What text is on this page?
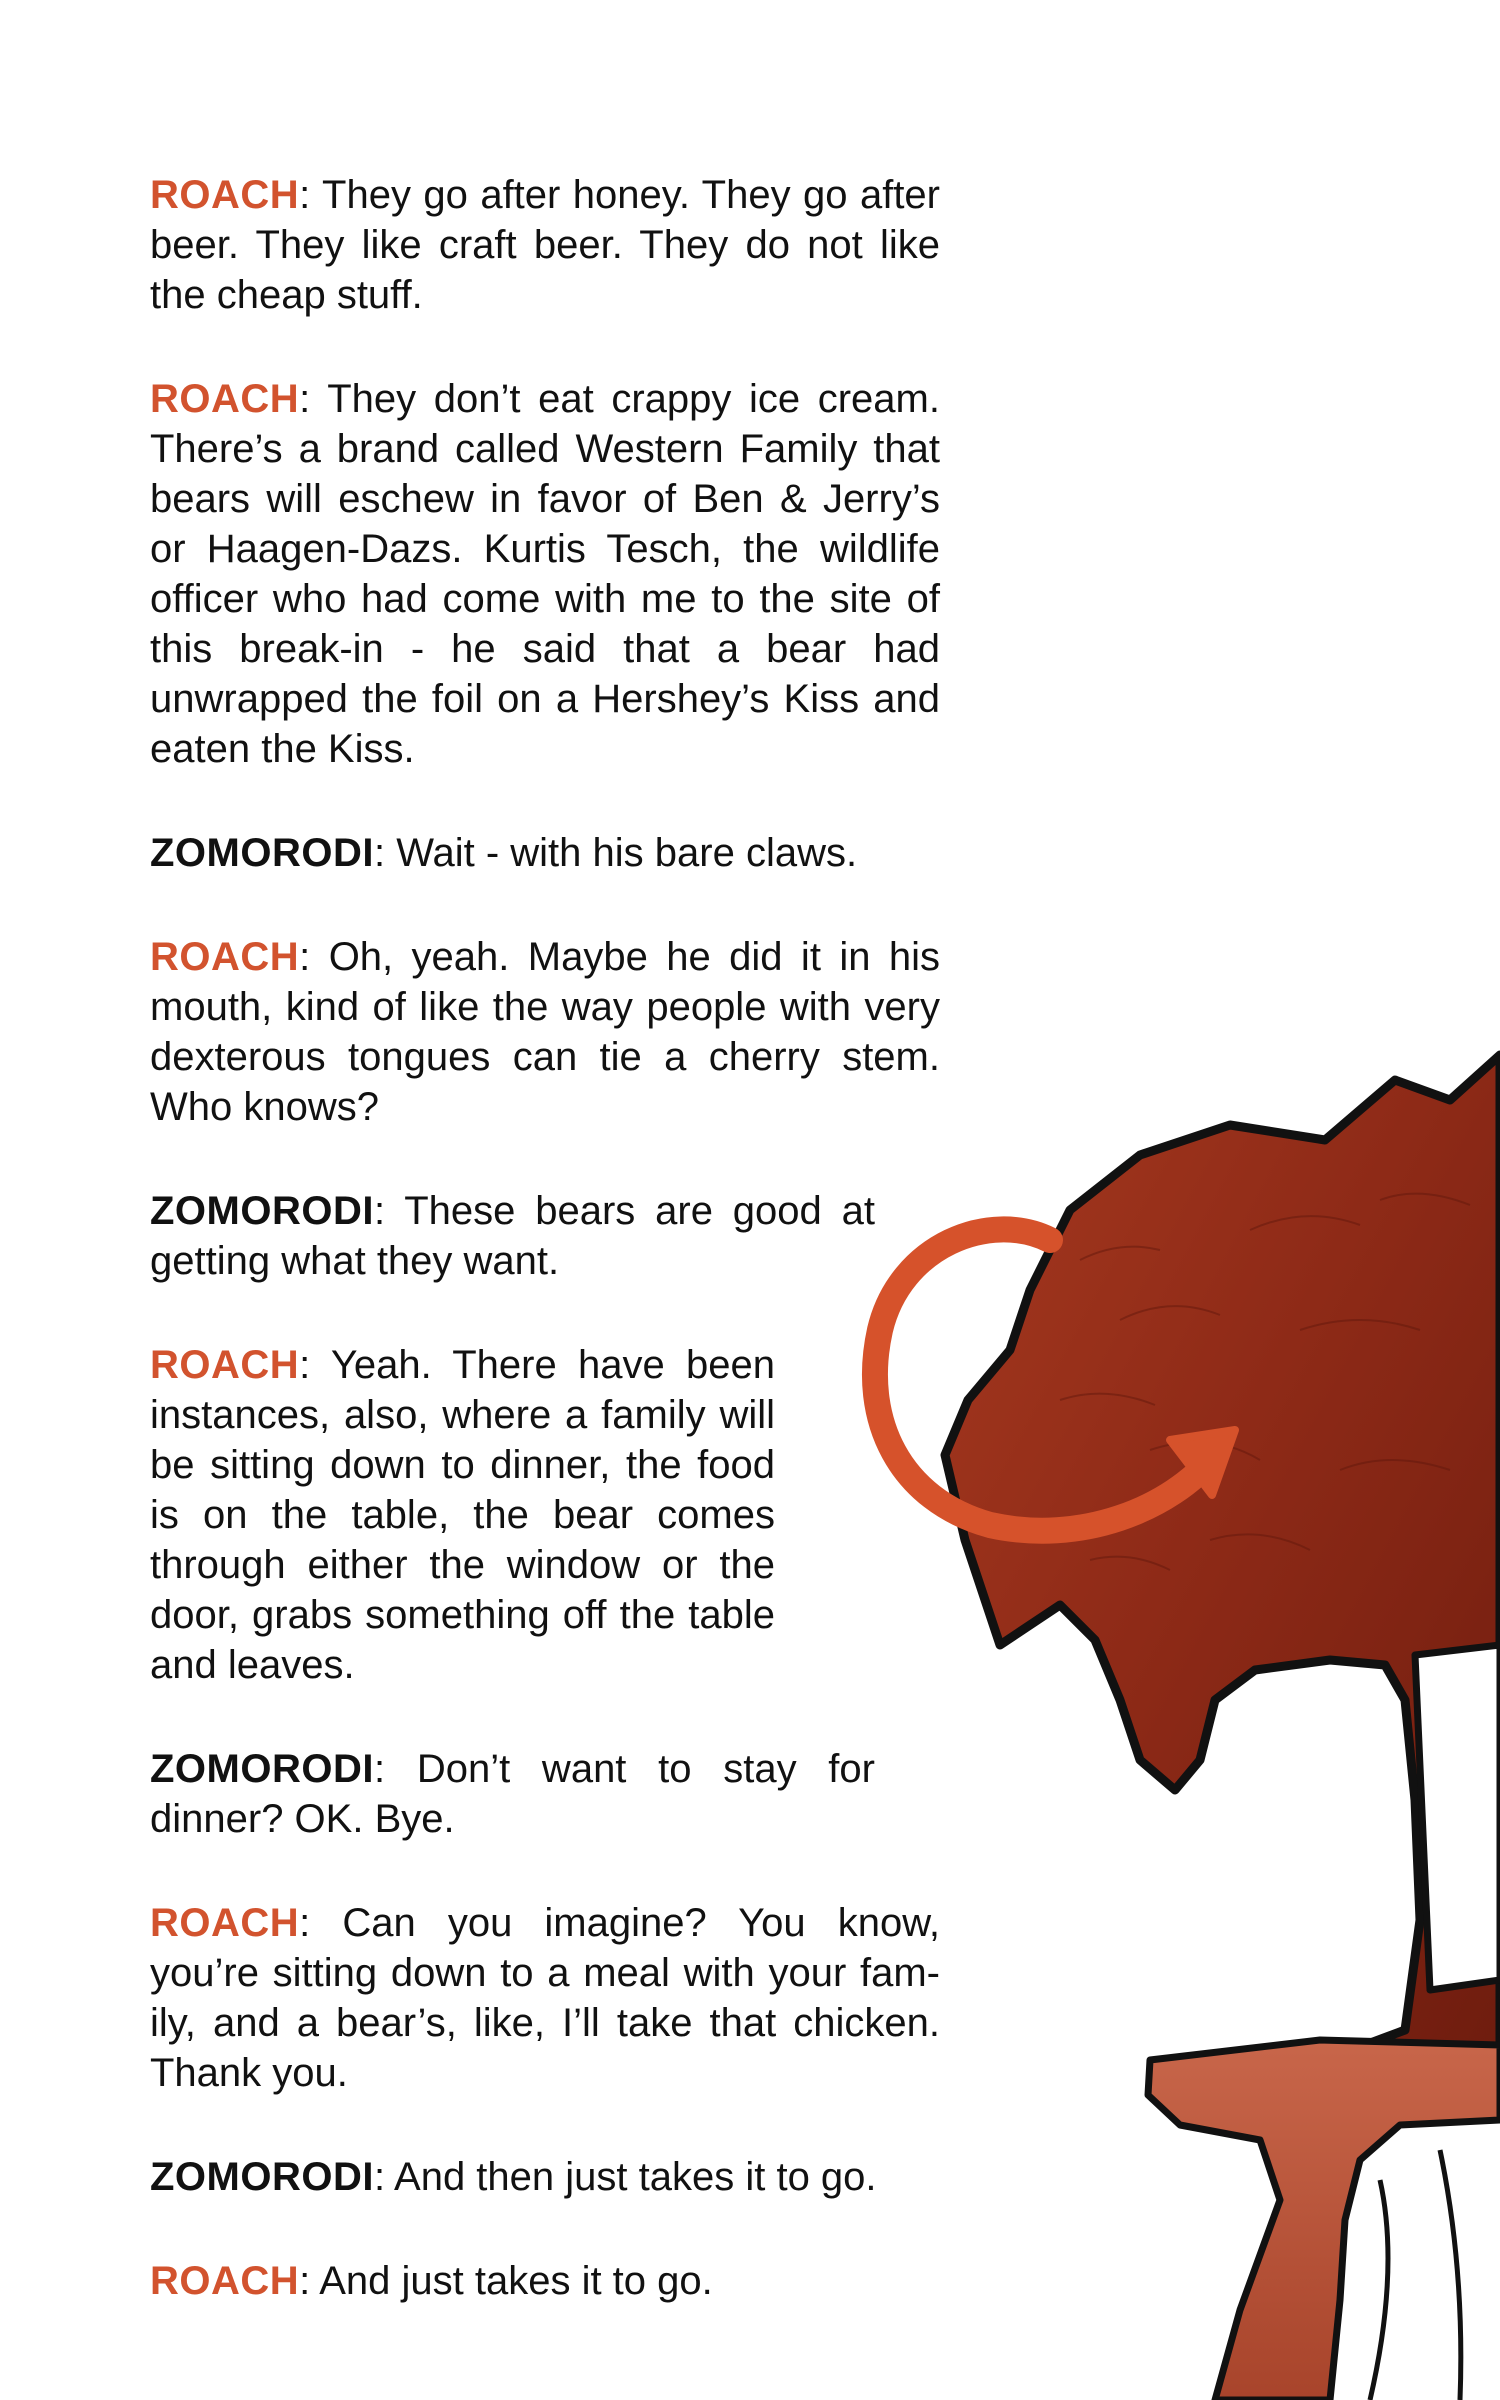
ROACH: They go after honey. They go after beer. They like craft beer. They do not like the cheap stuff.

ROACH: They don’t eat crappy ice cream. There’s a brand called Western Family that bears will eschew in favor of Ben & Jerry’s or Haagen-Dazs. Kurtis Tesch, the wildlife officer who had come with me to the site of this break-in - he said that a bear had unwrapped the foil on a Hershey’s Kiss and eaten the Kiss.

ZOMORODI: Wait - with his bare claws.

ROACH: Oh, yeah. Maybe he did it in his mouth, kind of like the way people with very dexterous tongues can tie a cherry stem. Who knows?

ZOMORODI: These bears are good at getting what they want.

ROACH: Yeah. There have been instances, also, where a family will be sitting down to dinner, the food is on the table, the bear comes through either the window or the door, grabs something off the table and leaves.

ZOMORODI: Don’t want to stay for dinner? OK. Bye.

ROACH: Can you imagine? You know, you’re sitting down to a meal with your family, and a bear’s, like, I’ll take that chicken. Thank you.

ZOMORODI: And then just takes it to go.

ROACH: And just takes it to go.
